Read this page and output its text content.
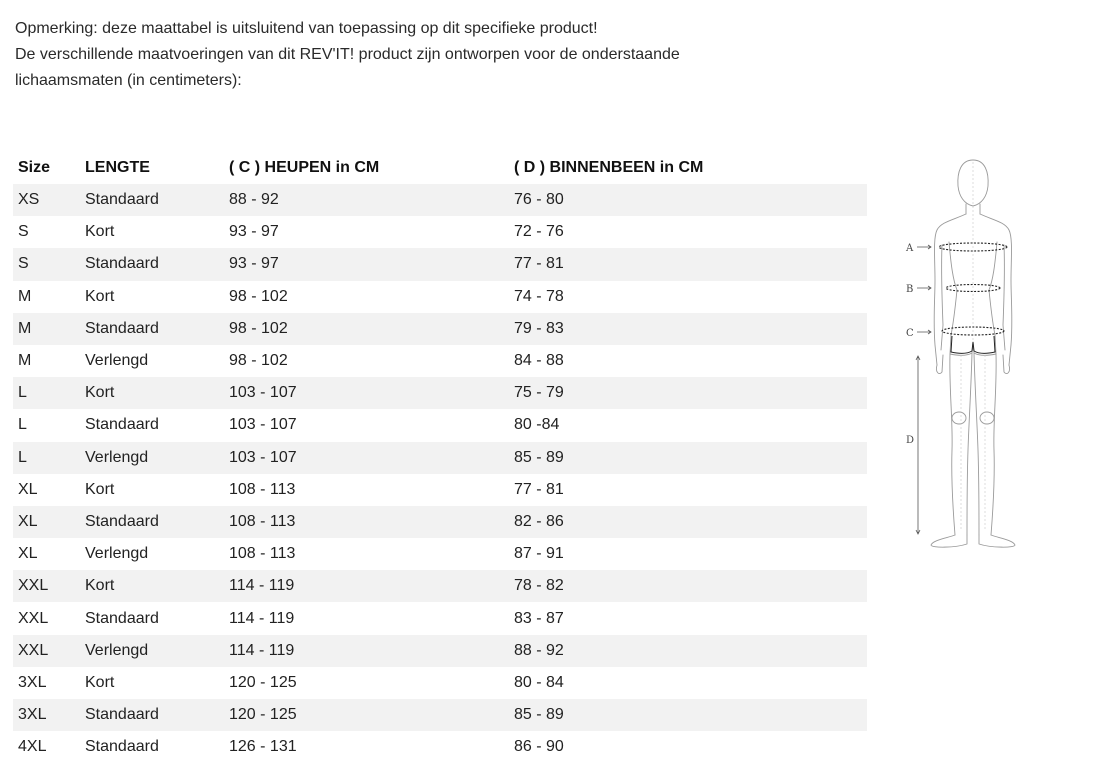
Opmerking: deze maattabel is uitsluitend van toepassing op dit specifieke product!

De verschillende maatvoeringen van dit REV'IT! product zijn ontworpen voor de onderstaande

lichaamsmaten (in centimeters):

Size	LENGTE	( C ) HEUPEN in CM	( D ) BINNENBEEN in CM
XS	Standaard	88 - 92	76 - 80
S	Kort	93 - 97	72 - 76
S	Standaard	93 - 97	77 - 81
M	Kort	98 - 102	74 - 78
M	Standaard	98 - 102	79 - 83
M	Verlengd	98 - 102	84 - 88
L	Kort	103 - 107	75 - 79
L	Standaard	103 - 107	80 -84
L	Verlengd	103 - 107	85 - 89
XL	Kort	108 - 113	77 - 81
XL	Standaard	108 - 113	82 - 86
XL	Verlengd	108 - 113	87 - 91
XXL	Kort	114 - 119	78 - 82
XXL	Standaard	114 - 119	83 - 87
XXL	Verlengd	114 - 119	88 - 92
3XL	Kort	120 - 125	80 - 84
3XL	Standaard	120 - 125	85 - 89
4XL	Standaard	126 - 131	86 - 90
A
B
C
D
